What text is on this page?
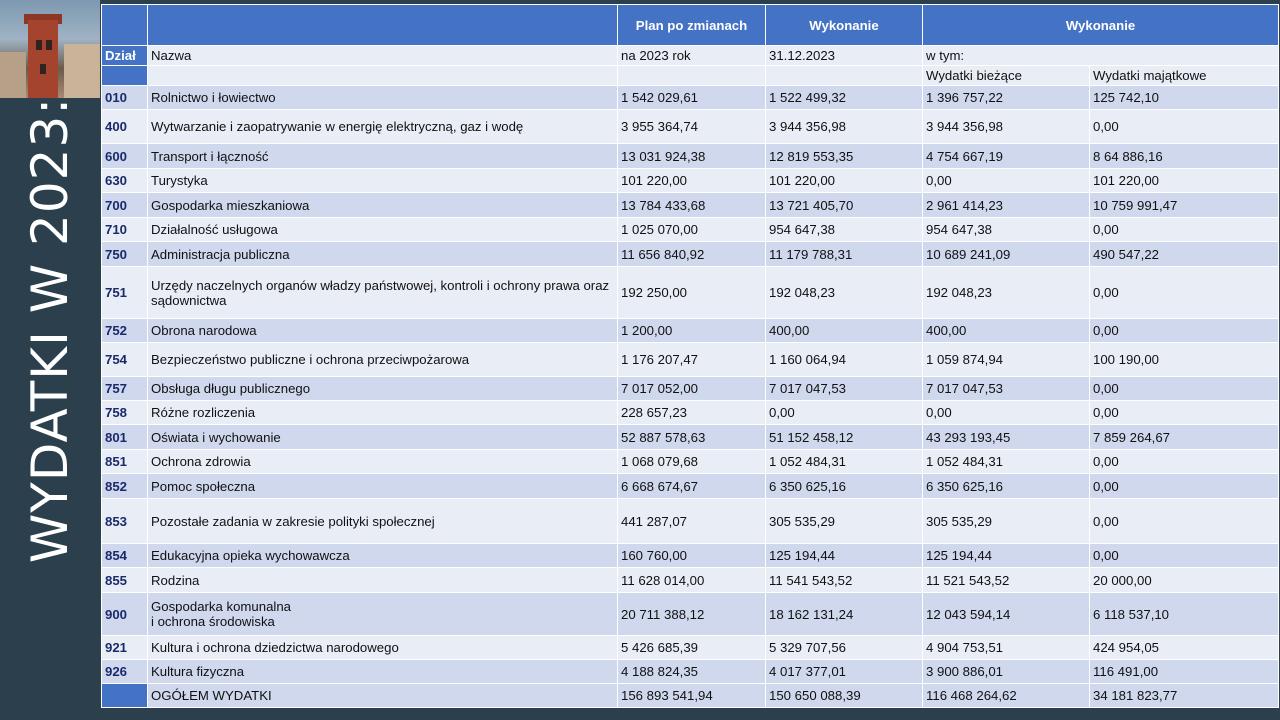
WYDATKI W 2023:
		Plan po zmianach	Wykonanie	Wykonanie	
Dział	Nazwa	na 2023 rok	31.12.2023	w tym:	
				Wydatki bieżące	Wydatki majątkowe
010	Rolnictwo i łowiectwo	1 542 029,61	1 522 499,32	1 396 757,22	125 742,10
400	Wytwarzanie i zaopatrywanie w energię elektryczną, gaz i wodę	3 955 364,74	3 944 356,98	3 944 356,98	0,00
600	Transport i łączność	13 031 924,38	12 819 553,35	4 754 667,19	8 64 886,16
630	Turystyka	101 220,00	101 220,00	0,00	101 220,00
700	Gospodarka mieszkaniowa	13 784 433,68	13 721 405,70	2 961 414,23	10 759 991,47
710	Działalność usługowa	1 025 070,00	954 647,38	954 647,38	0,00
750	Administracja publiczna	11 656 840,92	11 179 788,31	10 689 241,09	490 547,22
751	Urzędy naczelnych organów władzy państwowej, kontroli i ochrony prawa oraz sądownictwa	192 250,00	192 048,23	192 048,23	0,00
752	Obrona narodowa	1 200,00	400,00	400,00	0,00
754	Bezpieczeństwo publiczne i ochrona przeciwpożarowa	1 176 207,47	1 160 064,94	1 059 874,94	100 190,00
757	Obsługa długu publicznego	7 017 052,00	7 017 047,53	7 017 047,53	0,00
758	Różne rozliczenia	228 657,23	0,00	0,00	0,00
801	Oświata i wychowanie	52 887 578,63	51 152 458,12	43 293 193,45	7 859 264,67
851	Ochrona zdrowia	1 068 079,68	1 052 484,31	1 052 484,31	0,00
852	Pomoc społeczna	6 668 674,67	6 350 625,16	6 350 625,16	0,00
853	Pozostałe zadania w zakresie polityki społecznej	441 287,07	305 535,29	305 535,29	0,00
854	Edukacyjna opieka wychowawcza	160 760,00	125 194,44	125 194,44	0,00
855	Rodzina	11 628 014,00	11 541 543,52	11 521 543,52	20 000,00
900	Gospodarka komunalna
i ochrona środowiska	20 711 388,12	18 162 131,24	12 043 594,14	6 118 537,10
921	Kultura i ochrona dziedzictwa narodowego	5 426 685,39	5 329 707,56	4 904 753,51	424 954,05
926	Kultura fizyczna	4 188 824,35	4 017 377,01	3 900 886,01	116 491,00
	OGÓŁEM WYDATKI	156 893 541,94	150 650 088,39	116 468 264,62	34 181 823,77
